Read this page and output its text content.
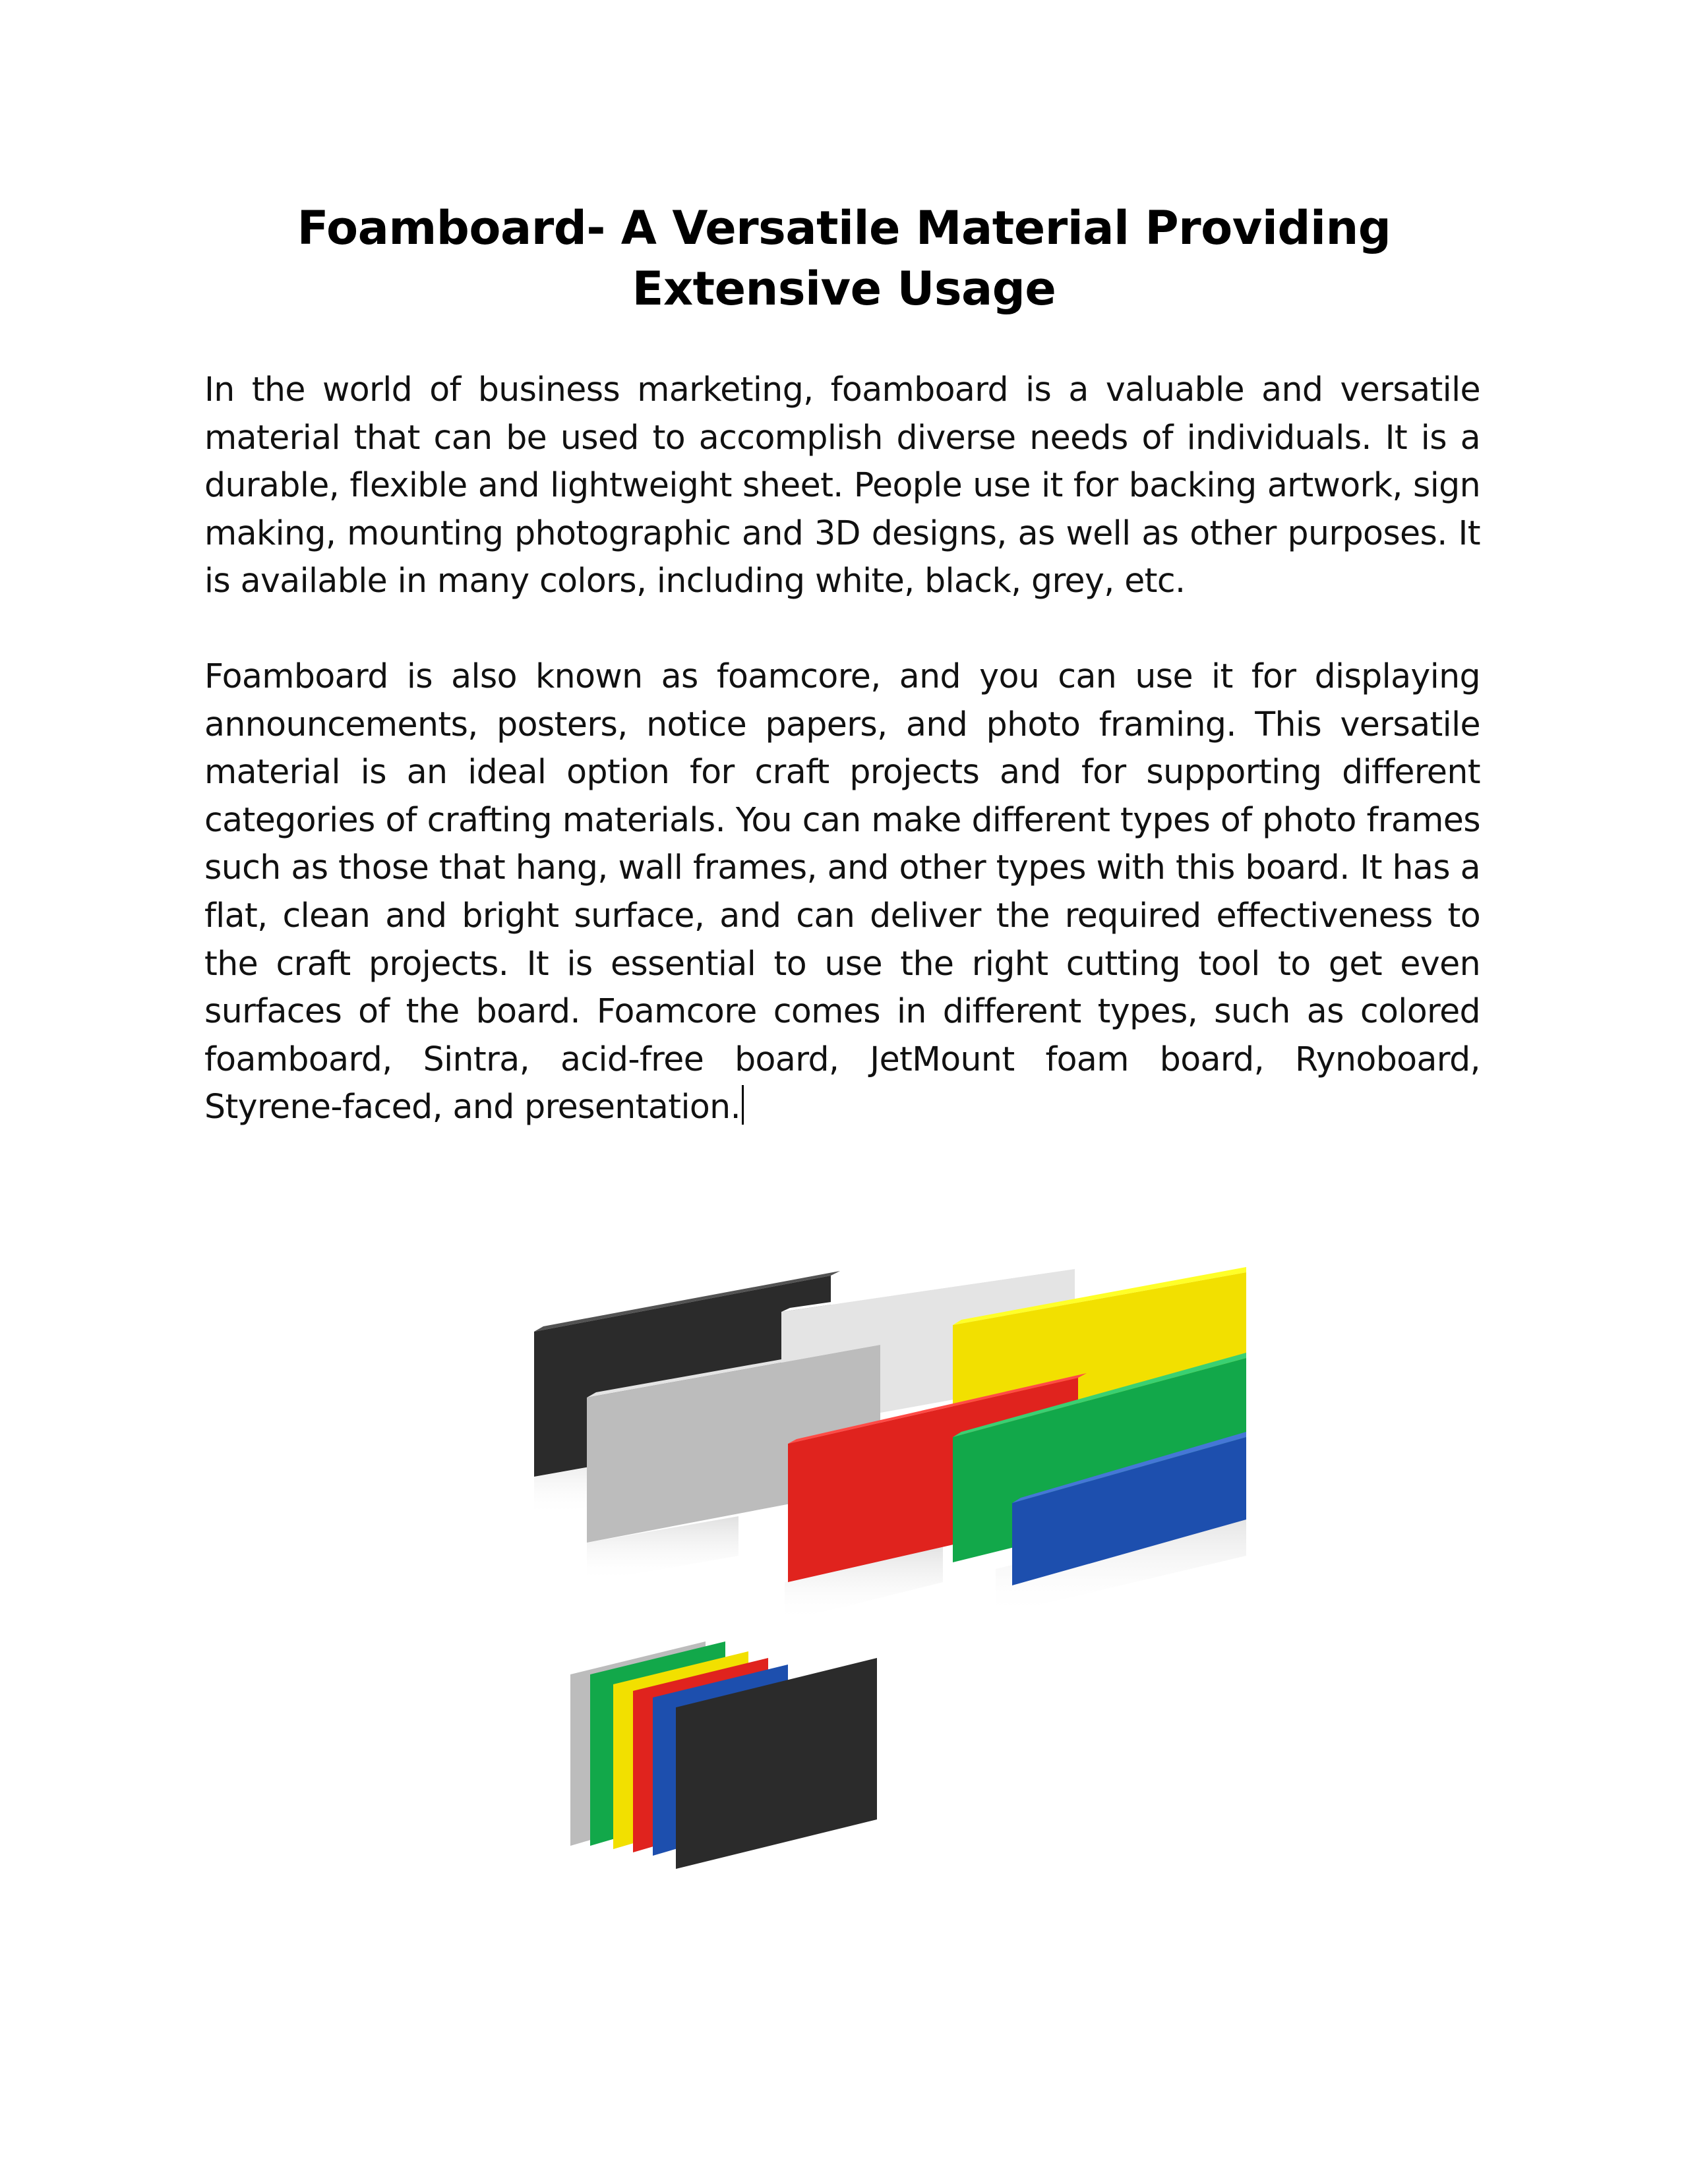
Foamboard- A Versatile Material Providing
Extensive Usage

In the world of business marketing, foamboard is a valuable and versatile material that can be used to accomplish diverse needs of individuals. It is a durable, flexible and lightweight sheet. People use it for backing artwork, sign making, mounting photographic and 3D designs, as well as other purposes. It is available in many colors, including white, black, grey, etc.

Foamboard is also known as foamcore, and you can use it for displaying announcements, posters, notice papers, and photo framing. This versatile material is an ideal option for craft projects and for supporting different categories of crafting materials. You can make different types of photo frames such as those that hang, wall frames, and other types with this board. It has a flat, clean and bright surface, and can deliver the required effectiveness to the craft projects. It is essential to use the right cutting tool to get even surfaces of the board. Foamcore comes in different types, such as colored foamboard, Sintra, acid-free board, JetMount foam board, Rynoboard, Styrene-faced, and presentation.
